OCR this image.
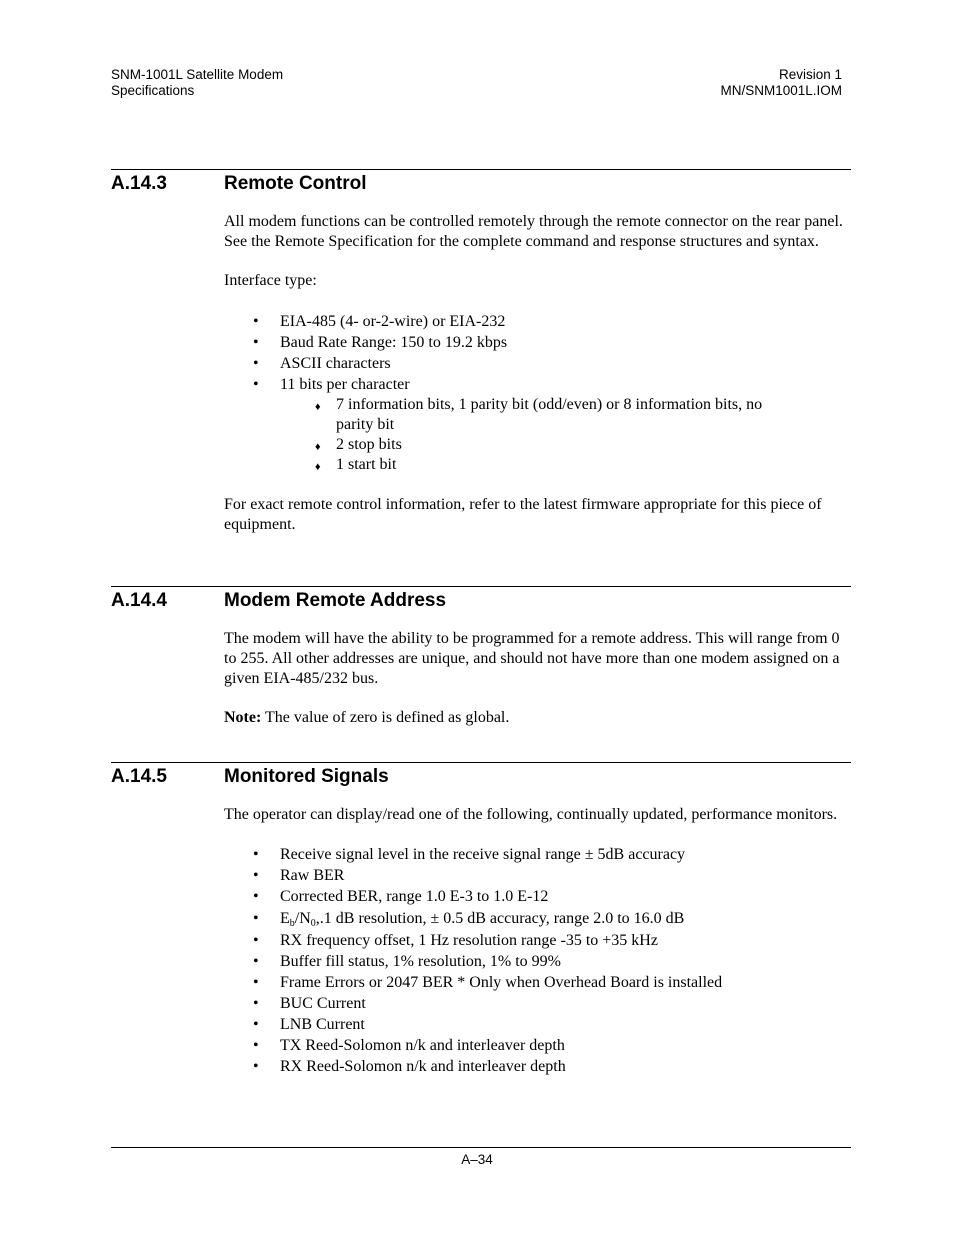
SNM-1001L Satellite Modem
Specifications
Revision 1
MN/SNM1001L.IOM
A.14.3	Remote Control

All modem functions can be controlled remotely through the remote connector on the rear panel. See the Remote Specification for the complete command and response structures and syntax.

Interface type:

• EIA-485 (4- or-2-wire) or EIA-232
• Baud Rate Range: 150 to 19.2 kbps
• ASCII characters
• 11 bits per character
♦ 7 information bits, 1 parity bit (odd/even) or 8 information bits, no parity bit
♦ 2 stop bits
♦ 1 start bit

For exact remote control information, refer to the latest firmware appropriate for this piece of equipment.

A.14.4	Modem Remote Address

The modem will have the ability to be programmed for a remote address. This will range from 0 to 255. All other addresses are unique, and should not have more than one modem assigned on a given EIA-485/232 bus.

Note: The value of zero is defined as global.

A.14.5	Monitored Signals

The operator can display/read one of the following, continually updated, performance monitors.

• Receive signal level in the receive signal range ± 5dB accuracy
• Raw BER
• Corrected BER, range 1.0 E-3 to 1.0 E-12
• $E_b/N_0,.1$ dB resolution, ± 0.5 dB accuracy, range 2.0 to 16.0 dB
• RX frequency offset, 1 Hz resolution range -35 to +35 kHz
• Buffer fill status, 1% resolution, 1% to 99%
• Frame Errors or 2047 BER * Only when Overhead Board is installed
• BUC Current
• LNB Current
• TX Reed-Solomon n/k and interleaver depth
• RX Reed-Solomon n/k and interleaver depth
A–34
